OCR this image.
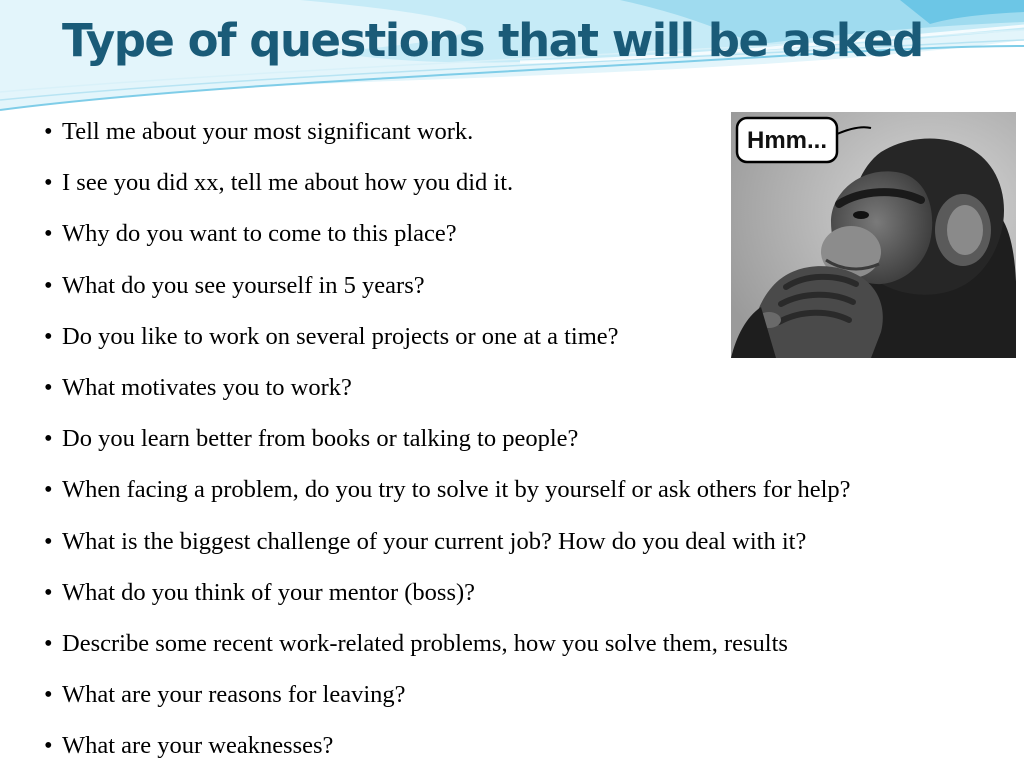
Type of questions that will be asked
• Tell me about your most significant work.
• I see you did xx, tell me about how you did it.
• Why do you want to come to this place?
• What do you see yourself in 5 years?
• Do you like to work on several projects or one at a time?
• What motivates you to work?
• Do you learn better from books or talking to people?
• When facing a problem, do you try to solve it by yourself or ask others for help?
• What is the biggest challenge of your current job? How do you deal with it?
• What do you think of your mentor (boss)?
• Describe some recent work-related problems, how you solve them, results
• What are your reasons for leaving?
• What are your weaknesses?
Hmm...
